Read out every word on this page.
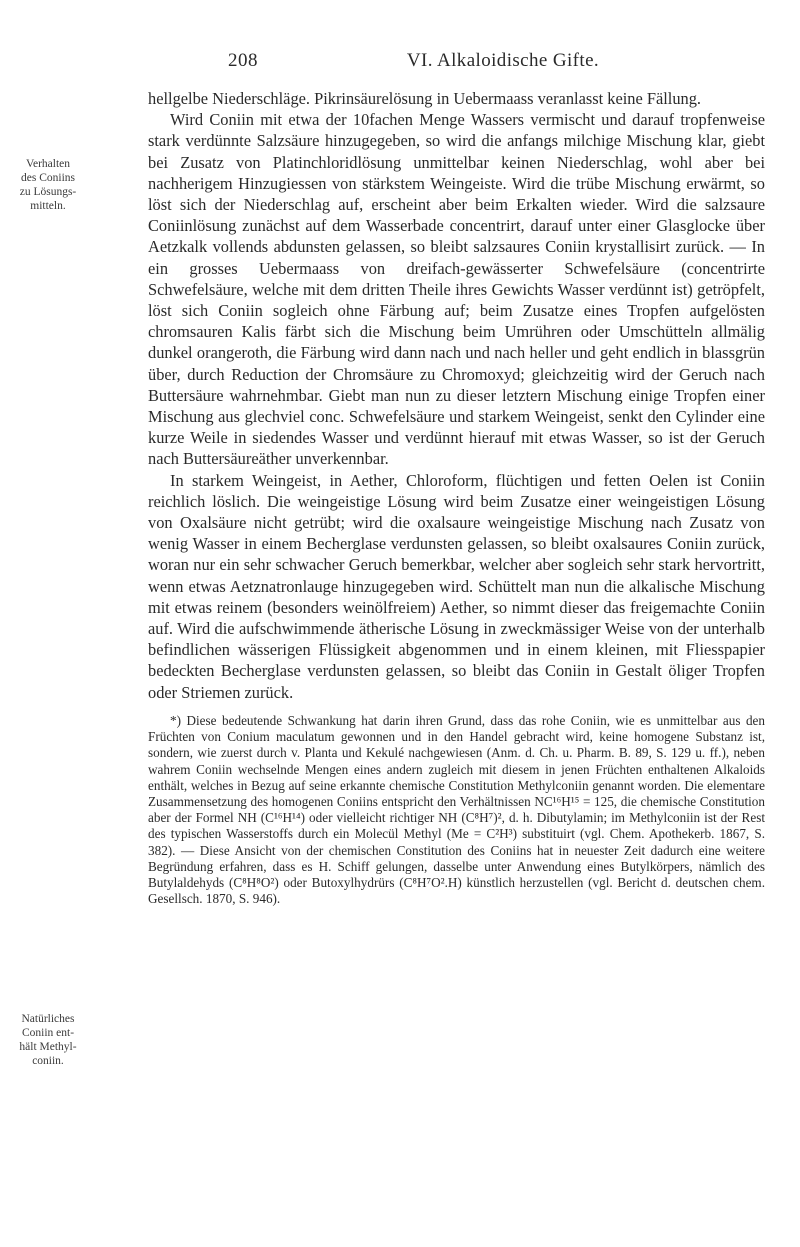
208	VI. Alkaloidische Gifte.
Verhalten
des Coniins
zu Lösungs-
mitteln.
Natürliches
Coniin ent-
hält Methyl-
coniin.

hellgelbe Niederschläge. Pikrinsäurelösung in Uebermaass veranlasst keine Fällung.

Wird Coniin mit etwa der 10fachen Menge Wassers vermischt und darauf tropfenweise stark verdünnte Salzsäure hinzugegeben, so wird die anfangs milchige Mischung klar, giebt bei Zusatz von Platinchloridlösung unmittelbar keinen Niederschlag, wohl aber bei nachherigem Hinzugiessen von stärkstem Weingeiste. Wird die trübe Mischung erwärmt, so löst sich der Niederschlag auf, erscheint aber beim Erkalten wieder. Wird die salzsaure Coniinlösung zunächst auf dem Wasserbade concentrirt, darauf unter einer Glasglocke über Aetzkalk vollends abdunsten gelassen, so bleibt salzsaures Coniin krystallisirt zurück. — In ein grosses Uebermaass von dreifach-gewässerter Schwefelsäure (concentrirte Schwefelsäure, welche mit dem dritten Theile ihres Gewichts Wasser verdünnt ist) getröpfelt, löst sich Coniin sogleich ohne Färbung auf; beim Zusatze eines Tropfen aufgelösten chromsauren Kalis färbt sich die Mischung beim Umrühren oder Umschütteln allmälig dunkel orangeroth, die Färbung wird dann nach und nach heller und geht endlich in blassgrün über, durch Reduction der Chromsäure zu Chromoxyd; gleichzeitig wird der Geruch nach Buttersäure wahrnehmbar. Giebt man nun zu dieser letztern Mischung einige Tropfen einer Mischung aus glechviel conc. Schwefelsäure und starkem Weingeist, senkt den Cylinder eine kurze Weile in siedendes Wasser und verdünnt hierauf mit etwas Wasser, so ist der Geruch nach Buttersäureäther unverkennbar.

In starkem Weingeist, in Aether, Chloroform, flüchtigen und fetten Oelen ist Coniin reichlich löslich. Die weingeistige Lösung wird beim Zusatze einer weingeistigen Lösung von Oxalsäure nicht getrübt; wird die oxalsaure weingeistige Mischung nach Zusatz von wenig Wasser in einem Becherglase verdunsten gelassen, so bleibt oxalsaures Coniin zurück, woran nur ein sehr schwacher Geruch bemerkbar, welcher aber sogleich sehr stark hervortritt, wenn etwas Aetznatronlauge hinzugegeben wird. Schüttelt man nun die alkalische Mischung mit etwas reinem (besonders weinölfreiem) Aether, so nimmt dieser das freigemachte Coniin auf. Wird die aufschwimmende ätherische Lösung in zweckmässiger Weise von der unterhalb befindlichen wässerigen Flüssigkeit abgenommen und in einem kleinen, mit Fliesspapier bedeckten Becherglase verdunsten gelassen, so bleibt das Coniin in Gestalt öliger Tropfen oder Striemen zurück.

*) Diese bedeutende Schwankung hat darin ihren Grund, dass das rohe Coniin, wie es unmittelbar aus den Früchten von Conium maculatum gewonnen und in den Handel gebracht wird, keine homogene Substanz ist, sondern, wie zuerst durch v. Planta und Kekulé nachgewiesen (Anm. d. Ch. u. Pharm. B. 89, S. 129 u. ff.), neben wahrem Coniin wechselnde Mengen eines andern zugleich mit diesem in jenen Früchten enthaltenen Alkaloids enthält, welches in Bezug auf seine erkannte chemische Constitution Methylconiin genannt worden. Die elementare Zusammensetzung des homogenen Coniins entspricht den Verhältnissen NC¹⁶H¹⁵ = 125, die chemische Constitution aber der Formel NH (C¹⁶H¹⁴) oder vielleicht richtiger NH (C⁸H⁷)², d. h. Dibutylamin; im Methylconiin ist der Rest des typischen Wasserstoffs durch ein Molecül Methyl (Me = C²H³) substituirt (vgl. Chem. Apothekerb. 1867, S. 382). — Diese Ansicht von der chemischen Constitution des Coniins hat in neuester Zeit dadurch eine weitere Begründung erfahren, dass es H. Schiff gelungen, dasselbe unter Anwendung eines Butylkörpers, nämlich des Butylaldehyds (C⁸H⁸O²) oder Butoxylhydrürs (C⁸H⁷O².H) künstlich herzustellen (vgl. Bericht d. deutschen chem. Gesellsch. 1870, S. 946).
